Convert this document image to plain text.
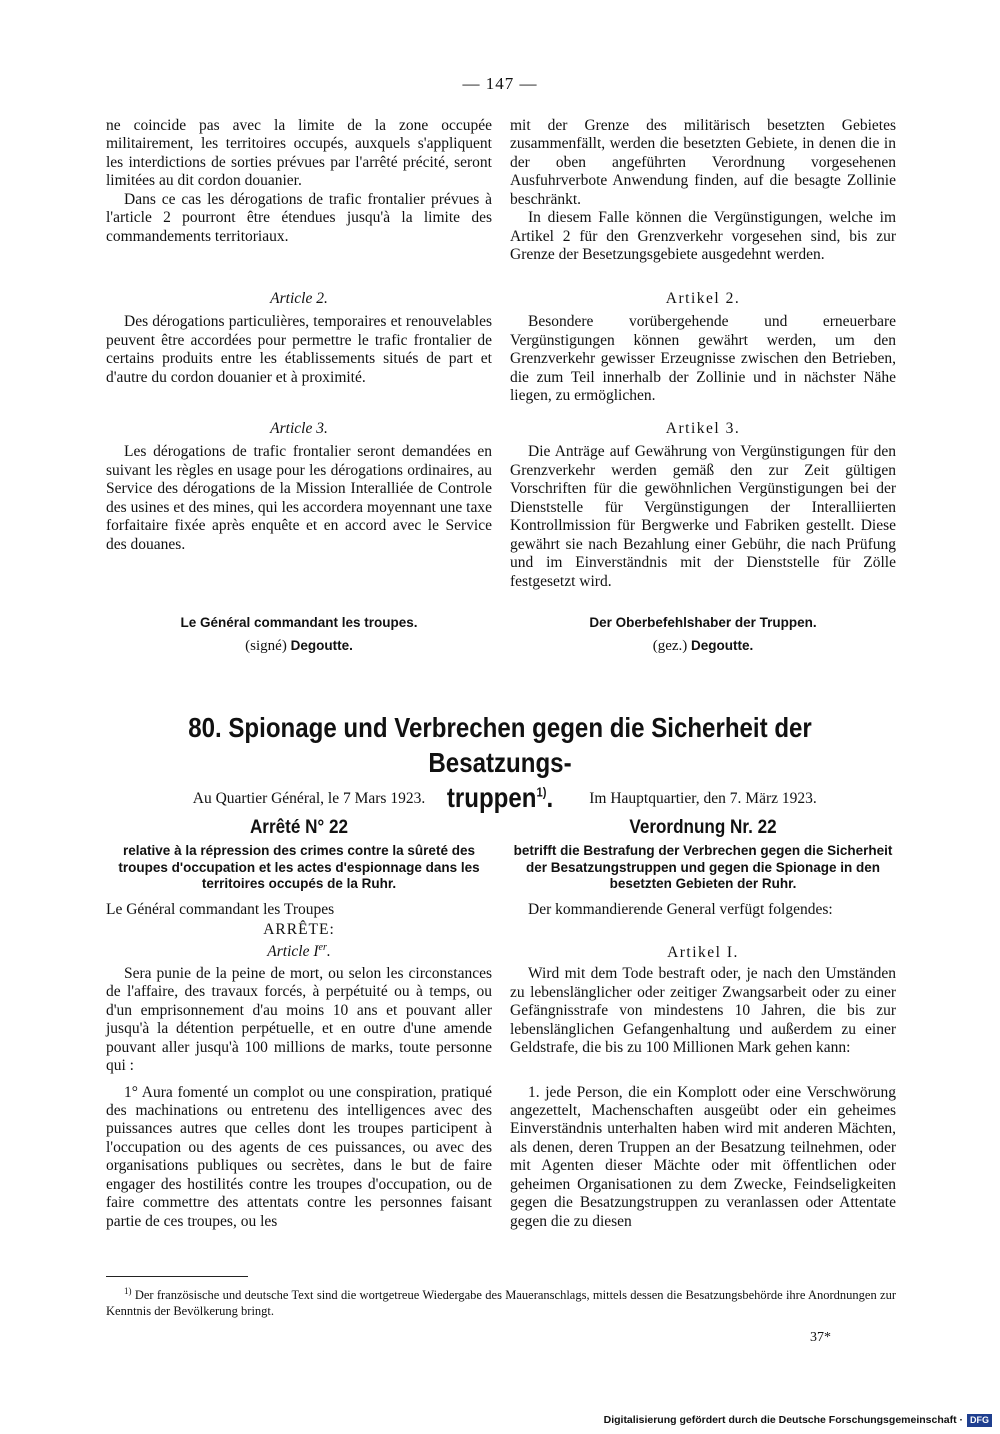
— 147 —

ne coincide pas avec la limite de la zone occupée militairement, les territoires occupés, auxquels s'appliquent les interdictions de sorties prévues par l'arrêté précité, seront limitées au dit cordon douanier.

Dans ce cas les dérogations de trafic frontalier prévues à l'article 2 pourront être étendues jusqu'à la limite des commandements territoriaux.

mit der Grenze des militärisch besetzten Gebietes zusammenfällt, werden die besetzten Gebiete, in denen die in der oben angeführten Verordnung vorgesehenen Ausfuhrverbote Anwendung finden, auf die besagte Zollinie beschränkt.

In diesem Falle können die Vergünstigungen, welche im Artikel 2 für den Grenzverkehr vorgesehen sind, bis zur Grenze der Besetzungsgebiete ausgedehnt werden.

Article 2.

Des dérogations particulières, temporaires et renouvelables peuvent être accordées pour permettre le trafic frontalier de certains produits entre les établissements situés de part et d'autre du cordon douanier et à proximité.

Artikel 2.

Besondere vorübergehende und erneuerbare Vergünstigungen können gewährt werden, um den Grenzverkehr gewisser Erzeugnisse zwischen den Betrieben, die zum Teil innerhalb der Zollinie und in nächster Nähe liegen, zu ermöglichen.

Article 3.

Les dérogations de trafic frontalier seront demandées en suivant les règles en usage pour les dérogations ordinaires, au Service des dérogations de la Mission Interalliée de Controle des usines et des mines, qui les accordera moyennant une taxe forfaitaire fixée après enquête et en accord avec le Service des douanes.

Artikel 3.

Die Anträge auf Gewährung von Vergünstigungen für den Grenzverkehr werden gemäß den zur Zeit gültigen Vorschriften für die gewöhnlichen Vergünstigungen bei der Dienststelle für Vergünstigungen der Interalliierten Kontrollmission für Bergwerke und Fabriken gestellt. Diese gewährt sie nach Bezahlung einer Gebühr, die nach Prüfung und im Einverständnis mit der Dienststelle für Zölle festgesetzt wird.

Le Général commandant les troupes.
(signé) Degoutte.
Der Oberbefehlshaber der Truppen.
(gez.) Degoutte.
80. Spionage und Verbrechen gegen die Sicherheit der Besatzungs-
truppen$^{1)}$.
Au Quartier Général, le 7 Mars 1923.
Arrêté N° 22
relative à la répression des crimes contre la sûreté des troupes d'occupation et les actes d'espionnage dans les territoires occupés de la Ruhr.

Le Général commandant les Troupes

ARRÊTE:
Article Ier.

Sera punie de la peine de mort, ou selon les circonstances de l'affaire, des travaux forcés, à perpétuité ou à temps, ou d'un emprisonnement d'au moins 10 ans et pouvant aller jusqu'à la détention perpétuelle, et en outre d'une amende pouvant aller jusqu'à 100 millions de marks, toute personne qui :

1° Aura fomenté un complot ou une conspiration, pratiqué des machinations ou entretenu des intelligences avec des puissances autres que celles dont les troupes participent à l'occupation ou des agents de ces puissances, ou avec des organisations publiques ou secrètes, dans le but de faire engager des hostilités contre les troupes d'occupation, ou de faire commettre des attentats contre les personnes faisant partie de ces troupes, ou les

Im Hauptquartier, den 7. März 1923.
Verordnung Nr. 22
betrifft die Bestrafung der Verbrechen gegen die Sicherheit der Besatzungstruppen und gegen die Spionage in den besetzten Gebieten der Ruhr.

Der kommandierende General verfügt folgendes:

Artikel I.

Wird mit dem Tode bestraft oder, je nach den Umständen zu lebenslänglicher oder zeitiger Zwangsarbeit oder zu einer Gefängnisstrafe von mindestens 10 Jahren, die bis zur lebenslänglichen Gefangenhaltung und außerdem zu einer Geldstrafe, die bis zu 100 Millionen Mark gehen kann:

1. jede Person, die ein Komplott oder eine Verschwörung angezettelt, Machenschaften ausgeübt oder ein geheimes Einverständnis unterhalten haben wird mit anderen Mächten, als denen, deren Truppen an der Besatzung teilnehmen, oder mit Agenten dieser Mächte oder mit öffentlichen oder geheimen Organisationen zu dem Zwecke, Feindseligkeiten gegen die Besatzungstruppen zu veranlassen oder Attentate gegen die zu diesen

$^{1)}$ Der französische und deutsche Text sind die wortgetreue Wiedergabe des Maueranschlags, mittels dessen die Besatzungsbehörde ihre Anordnungen zur Kenntnis der Bevölkerung bringt.
37*
Digitalisierung gefördert durch die Deutsche Forschungsgemeinschaft · DFG
